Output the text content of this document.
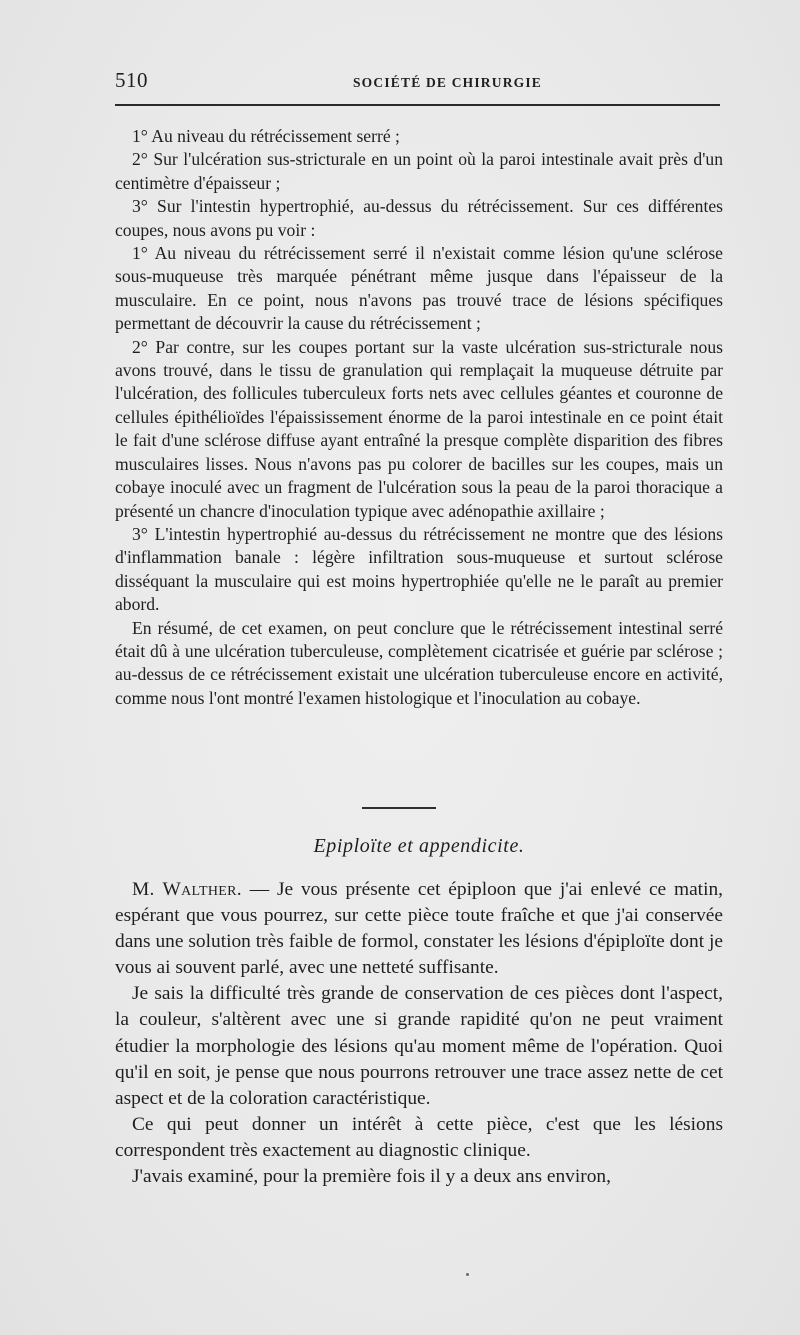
510	SOCIÉTÉ DE CHIRURGIE

1° Au niveau du rétrécissement serré ;

2° Sur l'ulcération sus-stricturale en un point où la paroi intestinale avait près d'un centimètre d'épaisseur ;

3° Sur l'intestin hypertrophié, au-dessus du rétrécissement. Sur ces différentes coupes, nous avons pu voir :

1° Au niveau du rétrécissement serré il n'existait comme lésion qu'une sclérose sous-muqueuse très marquée pénétrant même jusque dans l'épaisseur de la musculaire. En ce point, nous n'avons pas trouvé trace de lésions spécifiques permettant de découvrir la cause du rétrécissement ;

2° Par contre, sur les coupes portant sur la vaste ulcération sus-stricturale nous avons trouvé, dans le tissu de granulation qui remplaçait la muqueuse détruite par l'ulcération, des follicules tuberculeux forts nets avec cellules géantes et couronne de cellules épithélioïdes l'épaississement énorme de la paroi intestinale en ce point était le fait d'une sclérose diffuse ayant entraîné la presque complète disparition des fibres musculaires lisses. Nous n'avons pas pu colorer de bacilles sur les coupes, mais un cobaye inoculé avec un fragment de l'ulcération sous la peau de la paroi thoracique a présenté un chancre d'inoculation typique avec adénopathie axillaire ;

3° L'intestin hypertrophié au-dessus du rétrécissement ne montre que des lésions d'inflammation banale : légère infiltration sous-muqueuse et surtout sclérose disséquant la musculaire qui est moins hypertrophiée qu'elle ne le paraît au premier abord.

En résumé, de cet examen, on peut conclure que le rétrécissement intestinal serré était dû à une ulcération tuberculeuse, complètement cicatrisée et guérie par sclérose ; au-dessus de ce rétrécissement existait une ulcération tuberculeuse encore en activité, comme nous l'ont montré l'examen histologique et l'inoculation au cobaye.

Epiploïte et appendicite.

M. Walther. — Je vous présente cet épiploon que j'ai enlevé ce matin, espérant que vous pourrez, sur cette pièce toute fraîche et que j'ai conservée dans une solution très faible de formol, constater les lésions d'épiploïte dont je vous ai souvent parlé, avec une netteté suffisante.

Je sais la difficulté très grande de conservation de ces pièces dont l'aspect, la couleur, s'altèrent avec une si grande rapidité qu'on ne peut vraiment étudier la morphologie des lésions qu'au moment même de l'opération. Quoi qu'il en soit, je pense que nous pourrons retrouver une trace assez nette de cet aspect et de la coloration caractéristique.

Ce qui peut donner un intérêt à cette pièce, c'est que les lésions correspondent très exactement au diagnostic clinique.

J'avais examiné, pour la première fois il y a deux ans environ,
